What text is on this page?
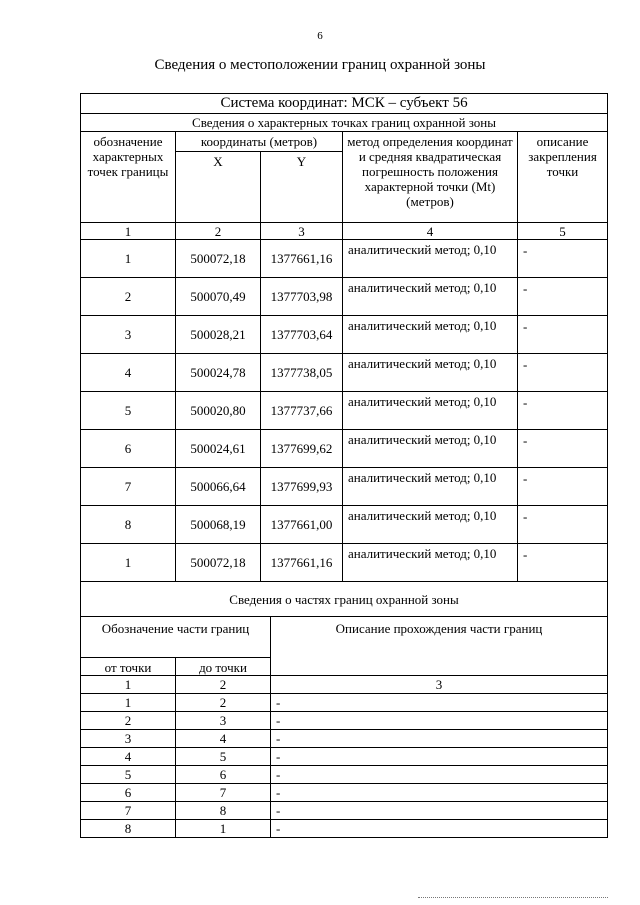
6
Сведения о местоположении границ охранной зоны
Система координат: МСК – субъект 56				
Сведения о характерных точках границ охранной зоны				
обозначение характерных точек границы	координаты (метров)		метод определения координат и средняя квадратическая погрешность положения характерной точки (Mt) (метров)	описание закрепления точки
	X	Y		
1	2	3	4	5
1	500072,18	1377661,16	аналитический метод; 0,10	-
2	500070,49	1377703,98	аналитический метод; 0,10	-
3	500028,21	1377703,64	аналитический метод; 0,10	-
4	500024,78	1377738,05	аналитический метод; 0,10	-
5	500020,80	1377737,66	аналитический метод; 0,10	-
6	500024,61	1377699,62	аналитический метод; 0,10	-
7	500066,64	1377699,93	аналитический метод; 0,10	-
8	500068,19	1377661,00	аналитический метод; 0,10	-
1	500072,18	1377661,16	аналитический метод; 0,10	-
Сведения о частях границ охранной зоны		
Обозначение части границ		Описание прохождения части границ
от точки	до точки	
1	2	3
1	2	-
2	3	-
3	4	-
4	5	-
5	6	-
6	7	-
7	8	-
8	1	-
